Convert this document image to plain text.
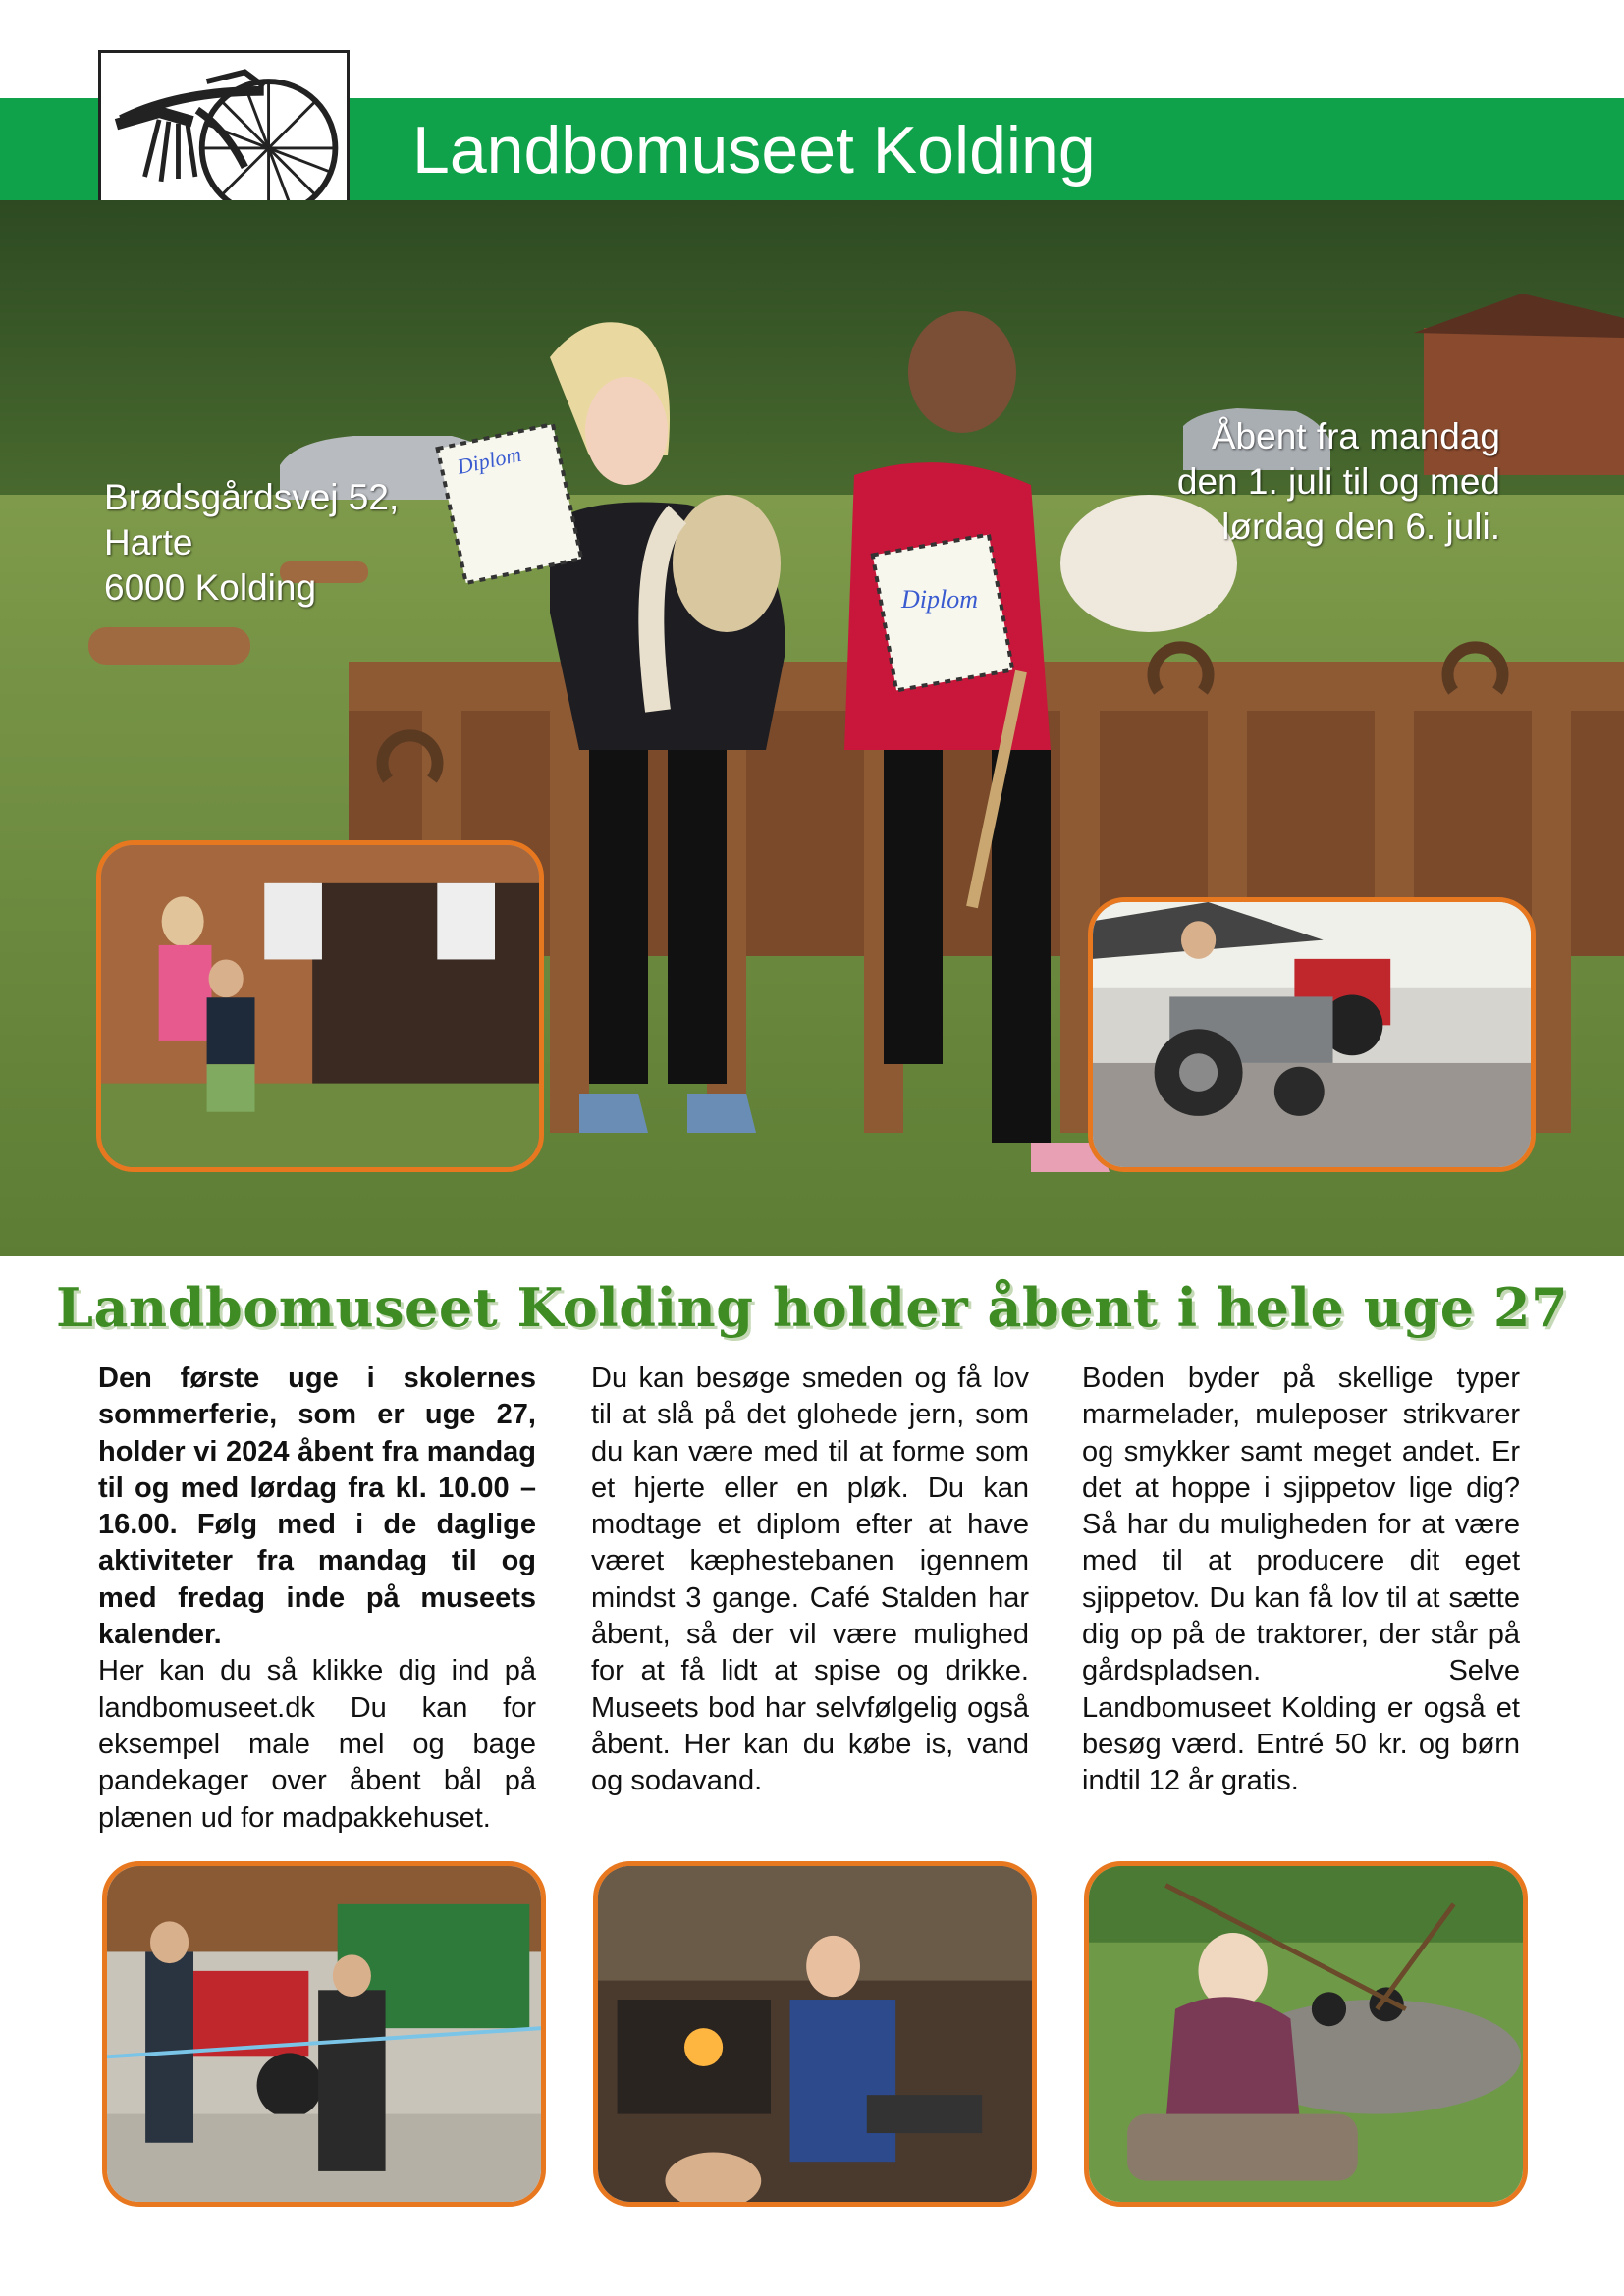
Landbomuseet Kolding
Diplom
Diplom
Brødsgårdsvej 52,
Harte
6000 Kolding
Åbent fra mandag
den 1. juli til og med
lørdag den 6. juli.
Landbomuseet Kolding holder åbent i hele uge 27

Den første uge i skolernes sommerferie, som er uge 27, holder vi 2024 åbent fra mandag til og med lørdag fra kl. 10.00 – 16.00. Følg med i de daglige aktiviteter fra mandag til og med fredag inde på museets kalender.

Her kan du så klikke dig ind på landbomuseet.dk Du kan for eksempel male mel og bage pandekager over åbent bål på plænen ud for madpakkehuset.

Du kan besøge smeden og få lov til at slå på det glohede jern, som du kan være med til at forme som et hjerte eller en pløk. Du kan modtage et diplom efter at have været kæphestebanen igennem mindst 3 gange. Café Stalden har åbent, så der vil være mulighed for at få lidt at spise og drikke. Museets bod har selvfølgelig også åbent. Her kan du købe is, vand og sodavand.

Boden byder på skellige typer marmelader, muleposer strikvarer og smykker samt meget andet. Er det at hoppe i sjippetov lige dig? Så har du muligheden for at være med til at producere dit eget sjippetov. Du kan få lov til at sætte dig op på de traktorer, der står på gårdspladsen. Selve Landbomuseet Kolding er også et besøg værd. Entré 50 kr. og børn indtil 12 år gratis.
